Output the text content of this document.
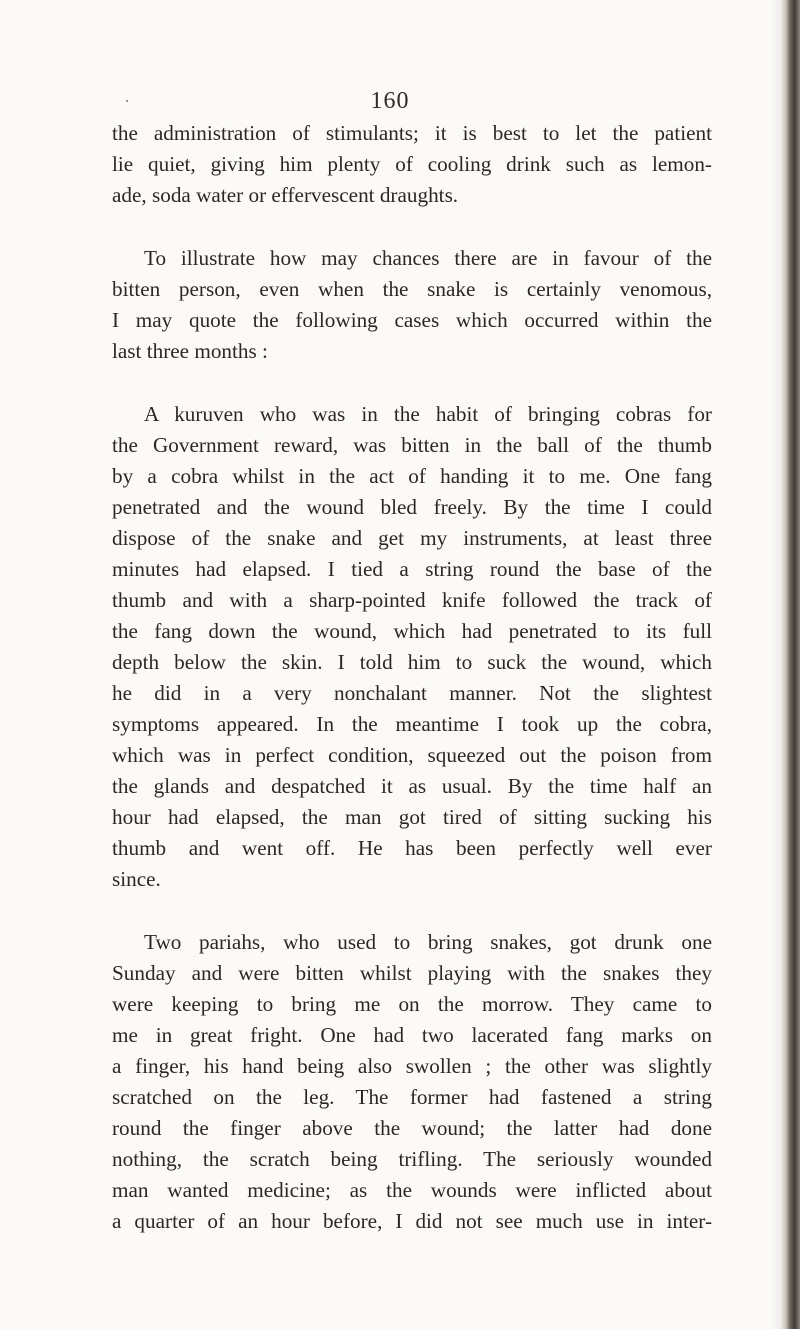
160

the administration of stimulants; it is best to let the patient
lie quiet, giving him plenty of cooling drink such as lemon-
ade, soda water or effervescent draughts.

To illustrate how may chances there are in favour of the
bitten person, even when the snake is certainly venomous,
I may quote the following cases which occurred within the
last three months :

A kuruven who was in the habit of bringing cobras for
the Government reward, was bitten in the ball of the thumb
by a cobra whilst in the act of handing it to me. One fang
penetrated and the wound bled freely. By the time I could
dispose of the snake and get my instruments, at least three
minutes had elapsed. I tied a string round the base of the
thumb and with a sharp-pointed knife followed the track of
the fang down the wound, which had penetrated to its full
depth below the skin. I told him to suck the wound, which
he did in a very nonchalant manner. Not the slightest
symptoms appeared. In the meantime I took up the cobra,
which was in perfect condition, squeezed out the poison from
the glands and despatched it as usual. By the time half an
hour had elapsed, the man got tired of sitting sucking his
thumb and went off. He has been perfectly well ever
since.

Two pariahs, who used to bring snakes, got drunk one
Sunday and were bitten whilst playing with the snakes they
were keeping to bring me on the morrow. They came to
me in great fright. One had two lacerated fang marks on
a finger, his hand being also swollen ; the other was slightly
scratched on the leg. The former had fastened a string
round the finger above the wound; the latter had done
nothing, the scratch being trifling. The seriously wounded
man wanted medicine; as the wounds were inflicted about
a quarter of an hour before, I did not see much use in inter-
